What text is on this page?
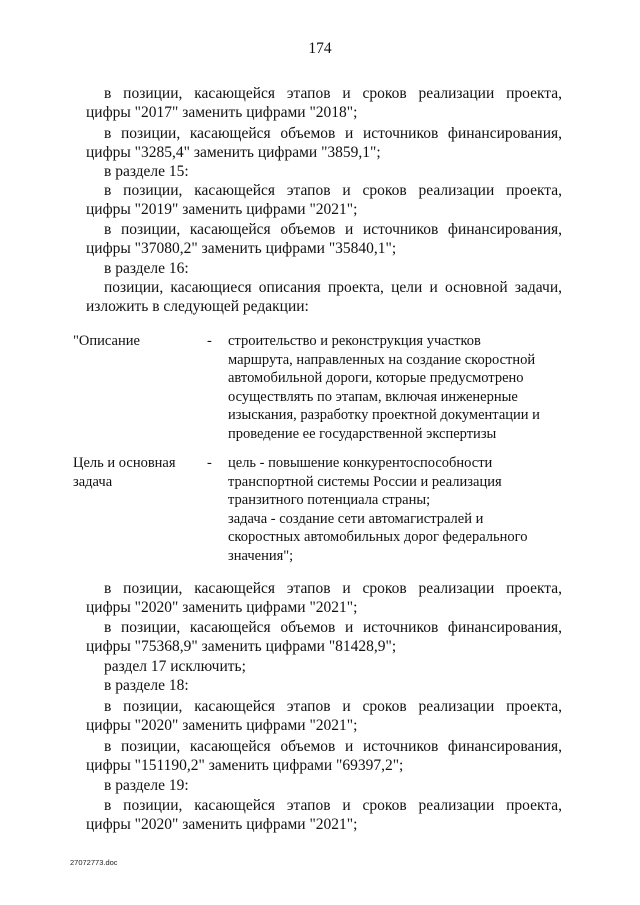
174
в позиции, касающейся этапов и сроков реализации проекта,
цифры "2017" заменить цифрами "2018";
в позиции, касающейся объемов и источников финансирования,
цифры "3285,4" заменить цифрами "3859,1";
в разделе 15:
в позиции, касающейся этапов и сроков реализации проекта,
цифры "2019" заменить цифрами "2021";
в позиции, касающейся объемов и источников финансирования,
цифры "37080,2" заменить цифрами "35840,1";
в разделе 16:
позиции, касающиеся описания проекта, цели и основной задачи,
изложить в следующей редакции:
"Описание	- строительство и реконструкция участков
маршрута, направленных на создание скоростной
автомобильной дороги, которые предусмотрено
осуществлять по этапам, включая инженерные
изыскания, разработку проектной документации и
проведение ее государственной экспертизы
Цель и основная задача
- цель - повышение конкурентоспособности
транспортной системы России и реализация
транзитного потенциала страны;
задача - создание сети автомагистралей и
скоростных автомобильных дорог федерального
значения";
в позиции, касающейся этапов и сроков реализации проекта,
цифры "2020" заменить цифрами "2021";
в позиции, касающейся объемов и источников финансирования,
цифры "75368,9" заменить цифрами "81428,9";
раздел 17 исключить;
в разделе 18:
в позиции, касающейся этапов и сроков реализации проекта,
цифры "2020" заменить цифрами "2021";
в позиции, касающейся объемов и источников финансирования,
цифры "151190,2" заменить цифрами "69397,2";
в разделе 19:
в позиции, касающейся этапов и сроков реализации проекта,
цифры "2020" заменить цифрами "2021";
27072773.doc
